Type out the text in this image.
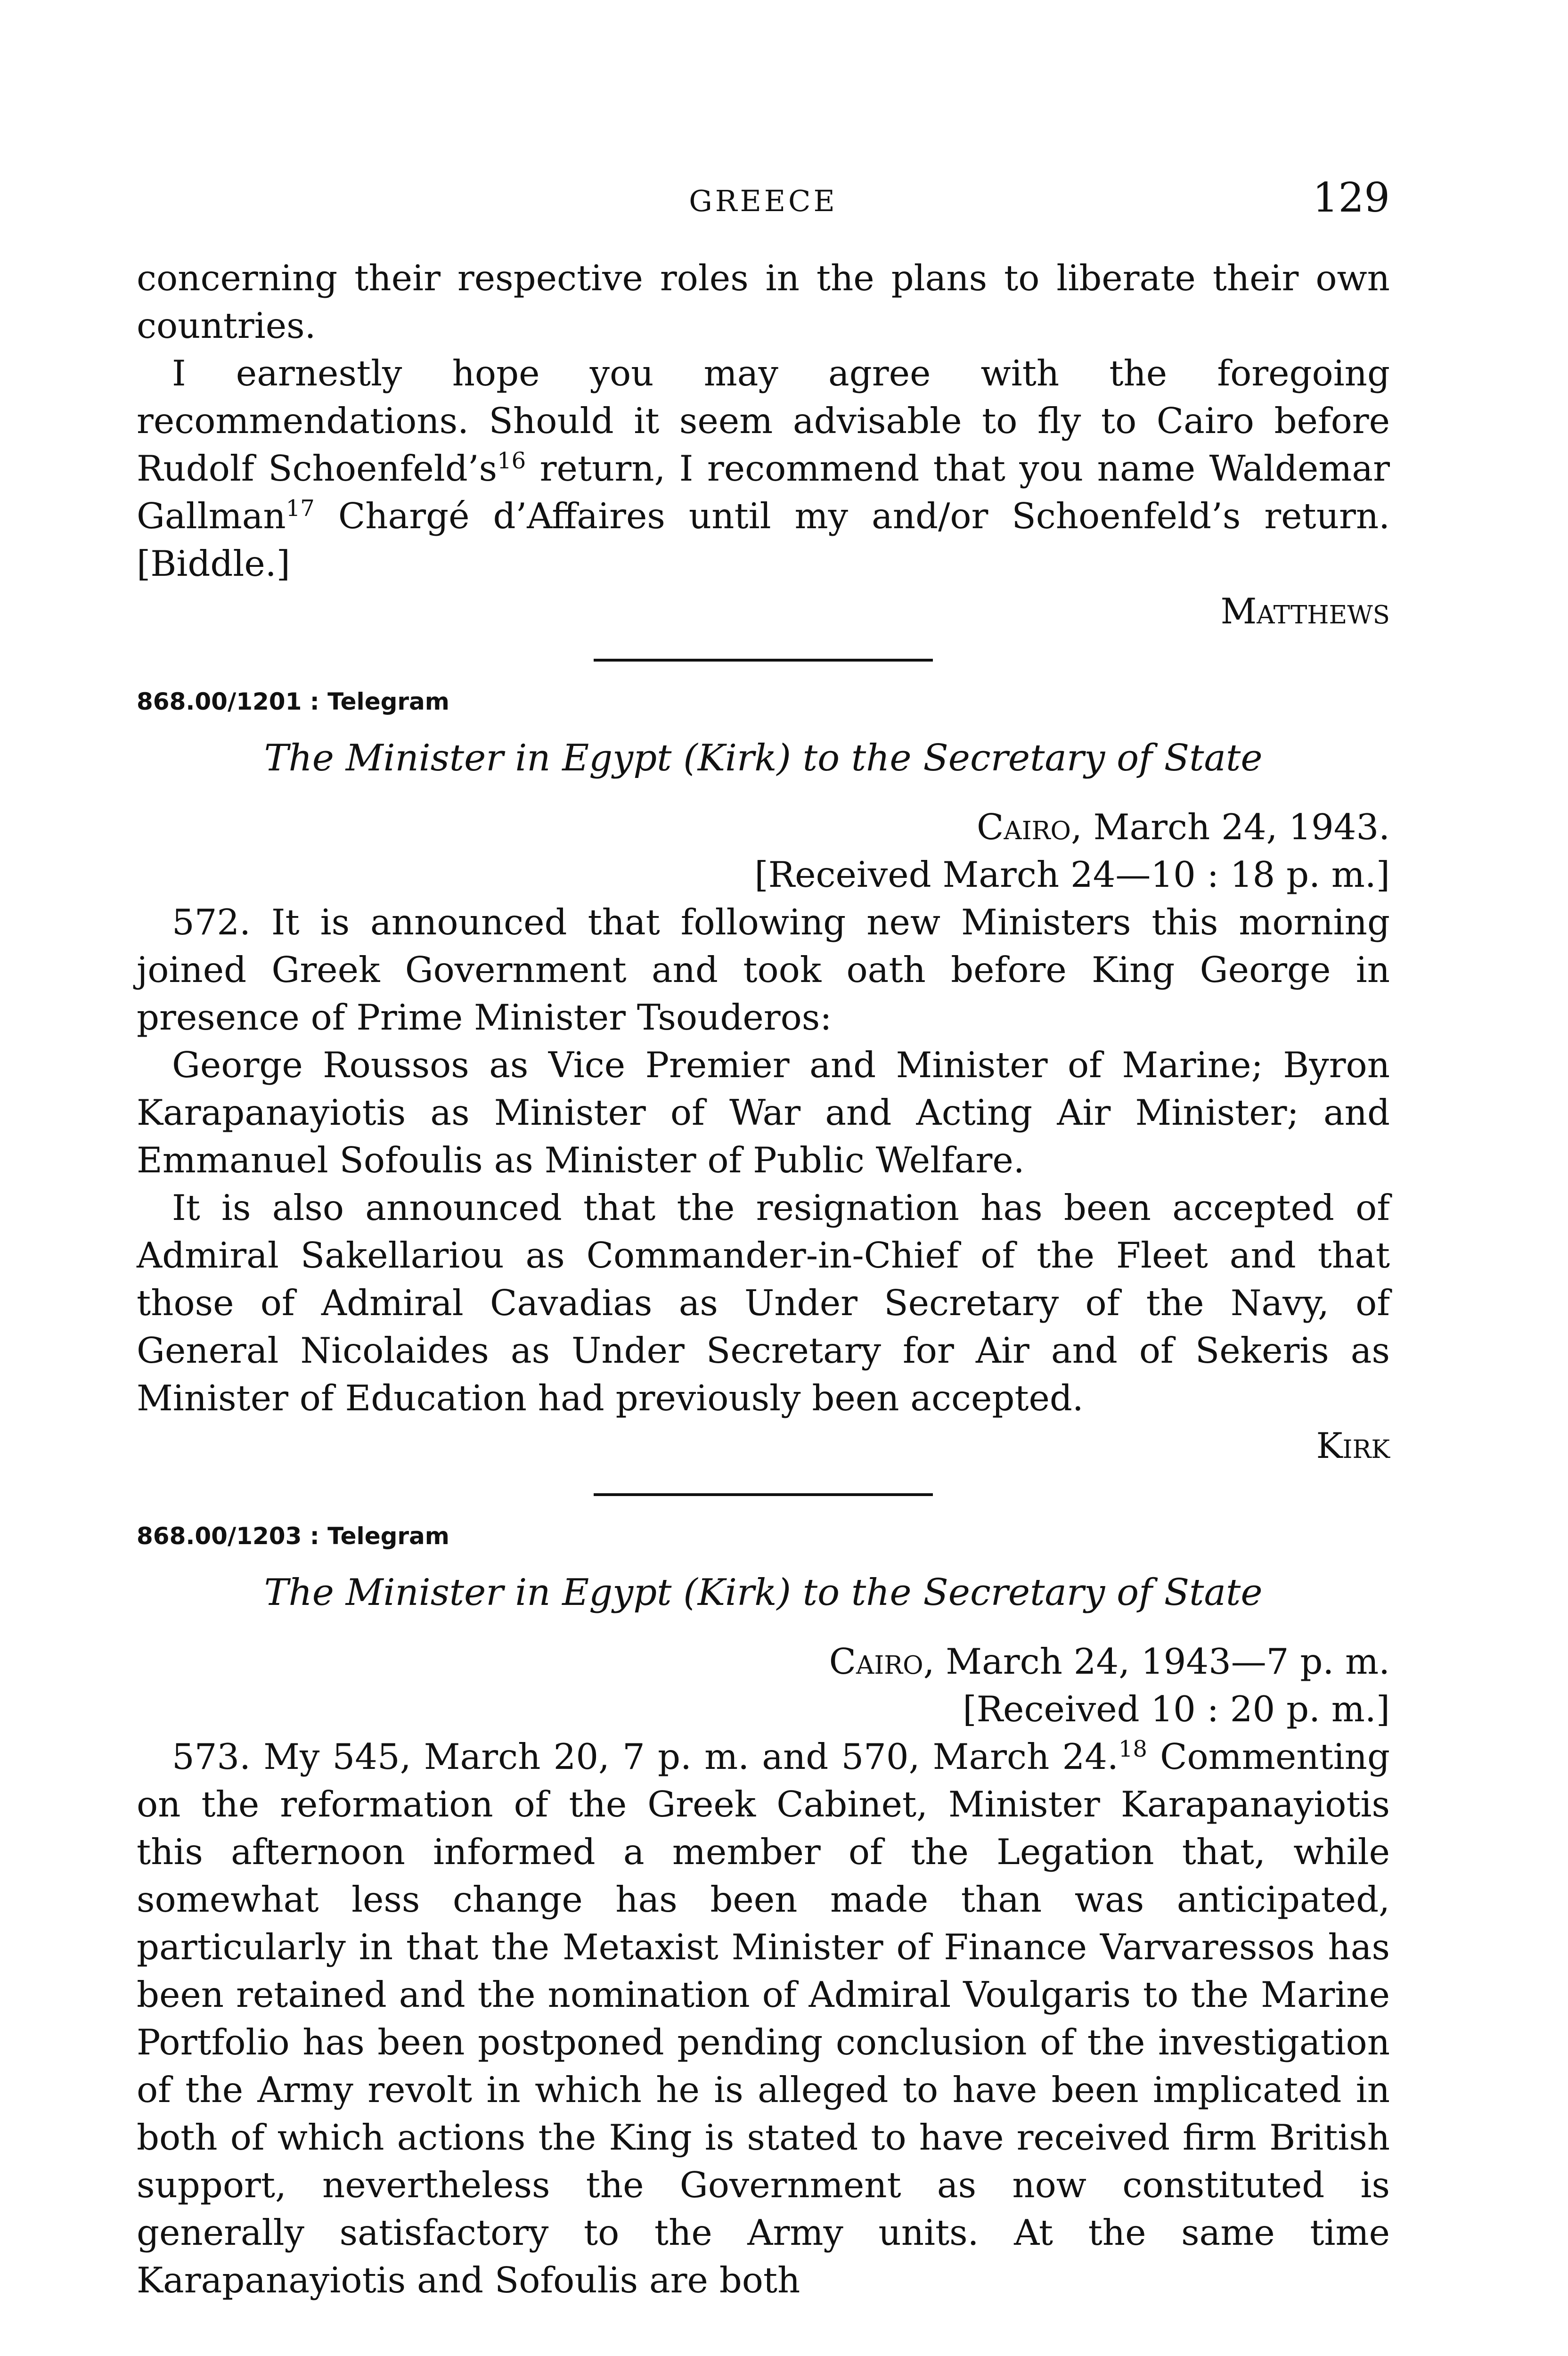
GREECE	129

concerning their respective roles in the plans to liberate their own countries.

I earnestly hope you may agree with the foregoing recommendations. Should it seem advisable to fly to Cairo before Rudolf $Schoenfeld’s^{16}$ return, I recommend that you name Waldemar Gallman$^{17}$ Chargé d’Affaires until my and/or Schoenfeld’s return. [Biddle.]

Matthews
868.00/1201 : Telegram
The Minister in Egypt (Kirk) to the Secretary of State
Cairo, March 24, 1943.
[Received March 24—10 : 18 p. m.]

572. It is announced that following new Ministers this morning joined Greek Government and took oath before King George in presence of Prime Minister Tsouderos:

George Roussos as Vice Premier and Minister of Marine; Byron Karapanayiotis as Minister of War and Acting Air Minister; and Emmanuel Sofoulis as Minister of Public Welfare.

It is also announced that the resignation has been accepted of Admiral Sakellariou as Commander-in-Chief of the Fleet and that those of Admiral Cavadias as Under Secretary of the Navy, of General Nicolaides as Under Secretary for Air and of Sekeris as Minister of Education had previously been accepted.

Kirk
868.00/1203 : Telegram
The Minister in Egypt (Kirk) to the Secretary of State
Cairo, March 24, 1943—7 p. m.
[Received 10 : 20 p. m.]

573. My 545, March 20, 7 p. m. and 570, March 24.18 Commenting on the reformation of the Greek Cabinet, Minister Karapanayiotis this afternoon informed a member of the Legation that, while somewhat less change has been made than was anticipated, particularly in that the Metaxist Minister of Finance Varvaressos has been retained and the nomination of Admiral Voulgaris to the Marine Portfolio has been postponed pending conclusion of the investigation of the Army revolt in which he is alleged to have been implicated in both of which actions the King is stated to have received firm British support, nevertheless the Government as now constituted is generally satisfactory to the Army units. At the same time Karapanayiotis and Sofoulis are both
